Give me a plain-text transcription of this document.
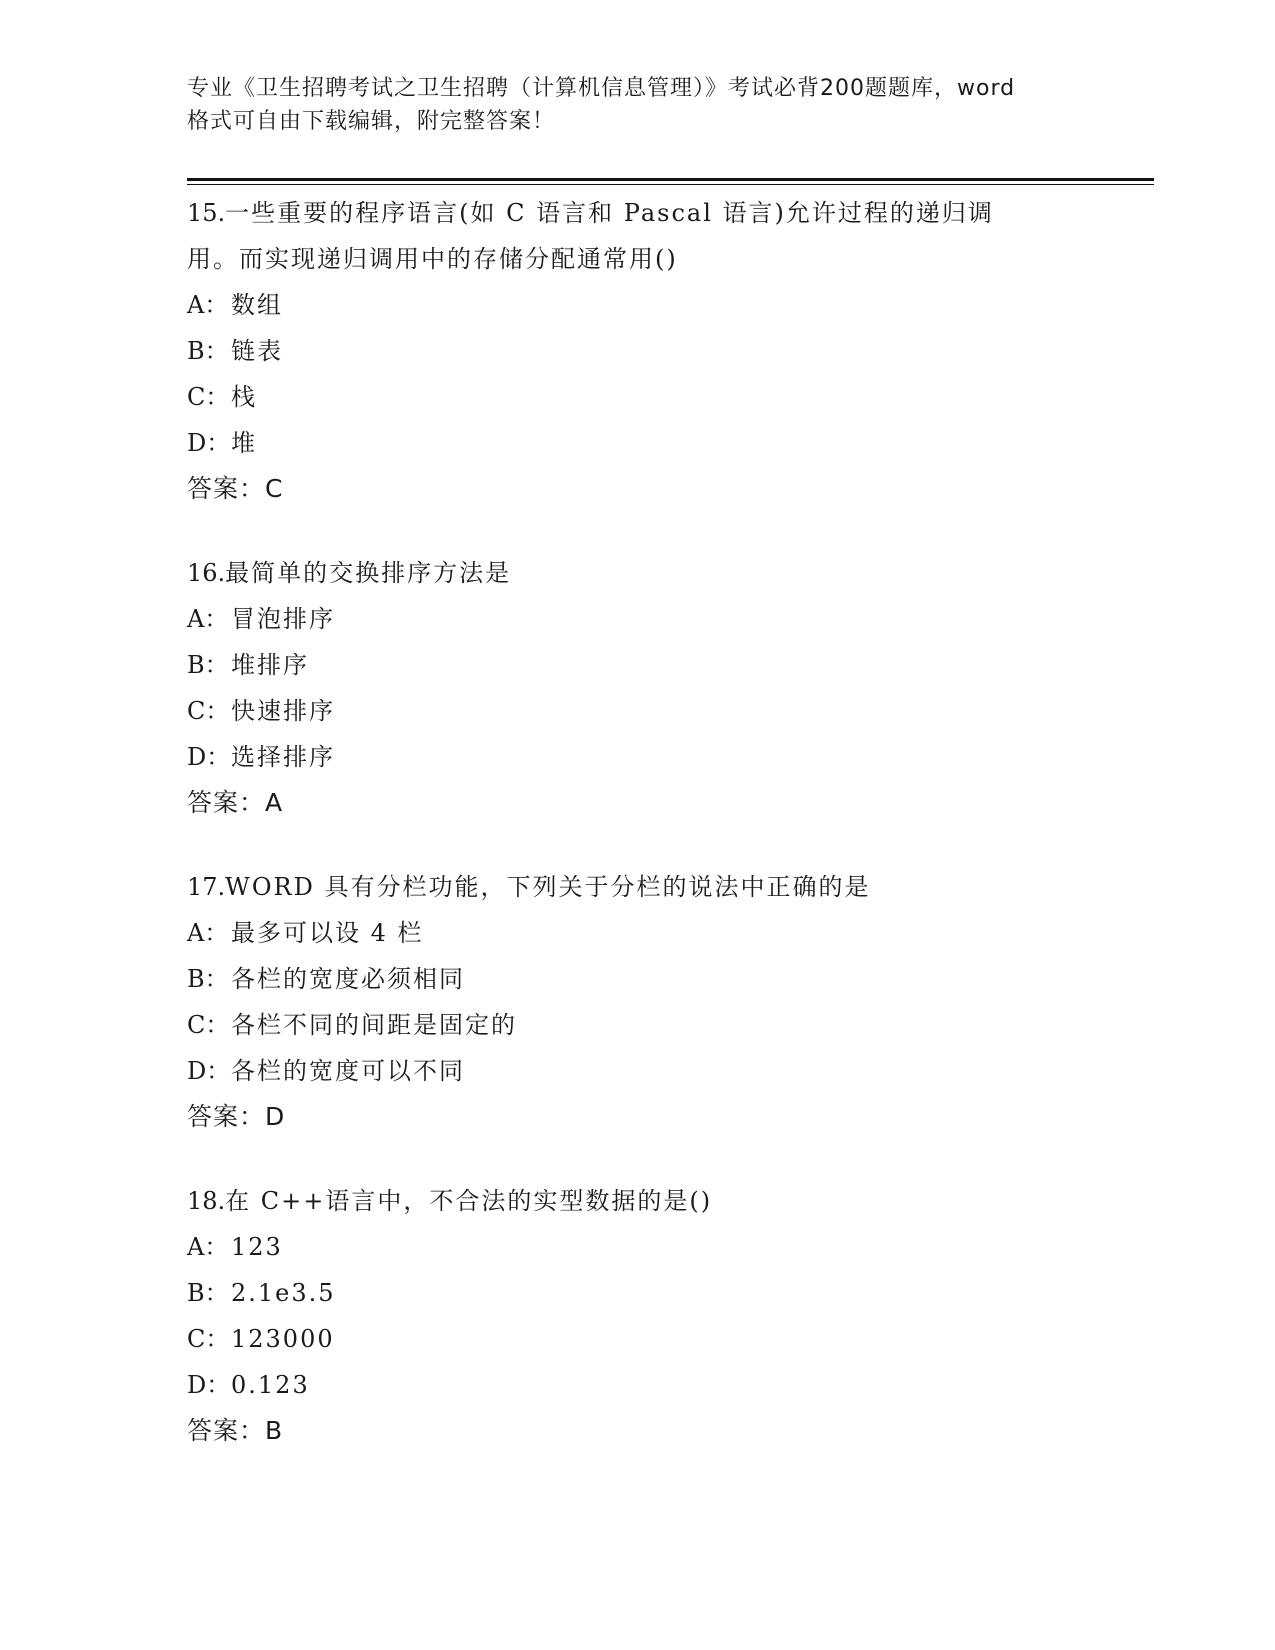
专业《卫生招聘考试之卫生招聘（计算机信息管理）》考试必背200题题库，word
格式可自由下载编辑，附完整答案！
15.一些重要的程序语言(如 C 语言和 Pascal 语言)允许过程的递归调
用。而实现递归调用中的存储分配通常用()
A： 数组
B：链表
C：栈
D：堆
答案：C
16.最简单的交换排序方法是
A： 冒泡排序
B：堆排序
C：快速排序
D：选择排序
答案：A
17.WORD 具有分栏功能，下列关于分栏的说法中正确的是
A： 最多可以设 4 栏
B：各栏的宽度必须相同
C：各栏不同的间距是固定的
D：各栏的宽度可以不同
答案：D
18.在 C++语言中，不合法的实型数据的是()
A： 123
B：2.1e3.5
C：123000
D：0.123
答案：B
